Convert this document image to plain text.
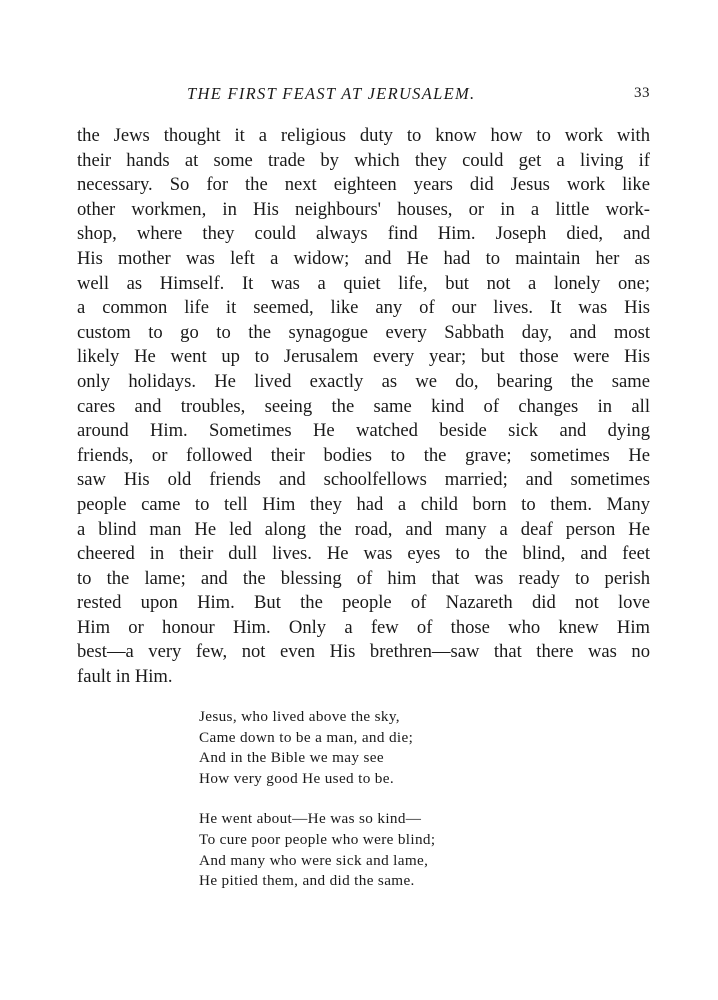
THE FIRST FEAST AT JERUSALEM.	33
the Jews thought it a religious duty to know how to work with
their hands at some trade by which they could get a living if
necessary. So for the next eighteen years did Jesus work like
other workmen, in His neighbours' houses, or in a little work-
shop, where they could always find Him. Joseph died, and
His mother was left a widow; and He had to maintain her as
well as Himself. It was a quiet life, but not a lonely one;
a common life it seemed, like any of our lives. It was His
custom to go to the synagogue every Sabbath day, and most
likely He went up to Jerusalem every year; but those were His
only holidays. He lived exactly as we do, bearing the same
cares and troubles, seeing the same kind of changes in all
around Him. Sometimes He watched beside sick and dying
friends, or followed their bodies to the grave; sometimes He
saw His old friends and schoolfellows married; and sometimes
people came to tell Him they had a child born to them. Many
a blind man He led along the road, and many a deaf person He
cheered in their dull lives. He was eyes to the blind, and feet
to the lame; and the blessing of him that was ready to perish
rested upon Him. But the people of Nazareth did not love
Him or honour Him. Only a few of those who knew Him
best—a very few, not even His brethren—saw that there was no
fault in Him.
Jesus, who lived above the sky,
Came down to be a man, and die;
And in the Bible we may see
How very good He used to be.
He went about—He was so kind—
To cure poor people who were blind;
And many who were sick and lame,
He pitied them, and did the same.
